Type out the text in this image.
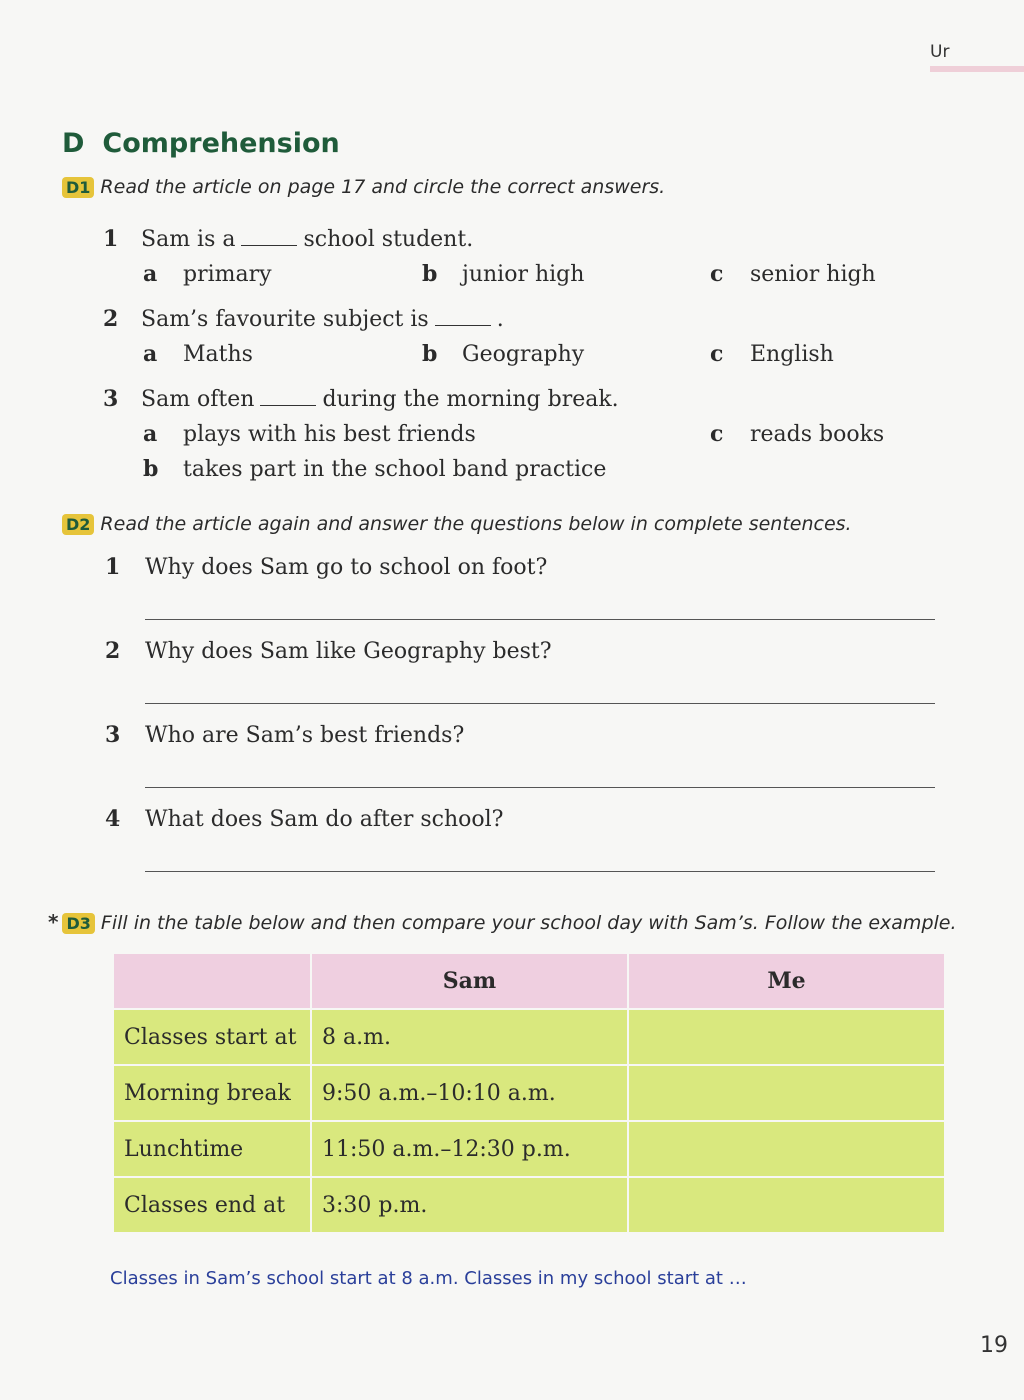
Ur
D Comprehension
D1 Read the article on page 17 and circle the correct answers.
1 Sam is a	school student.
a primary	b junior high	c senior high
2 Sam’s favourite subject is	.
a Maths	b Geography	c English
3 Sam often	during the morning break.
a plays with his best friends
b takes part in the school band practice
c reads books
D2 Read the article again and answer the questions below in complete sentences.
1 Why does Sam go to school on foot?
2 Why does Sam like Geography best?
3 Who are Sam’s best friends?
4 What does Sam do after school?
* D3 Fill in the table below and then compare your school day with Sam’s. Follow the example.
	Sam	Me
Classes start at	8 a.m.	
Morning break	9:50 a.m.–10:10 a.m.	
Lunchtime	11:50 a.m.–12:30 p.m.	
Classes end at	3:30 p.m.	
Classes in Sam’s school start at 8 a.m. Classes in my school start at …
19
